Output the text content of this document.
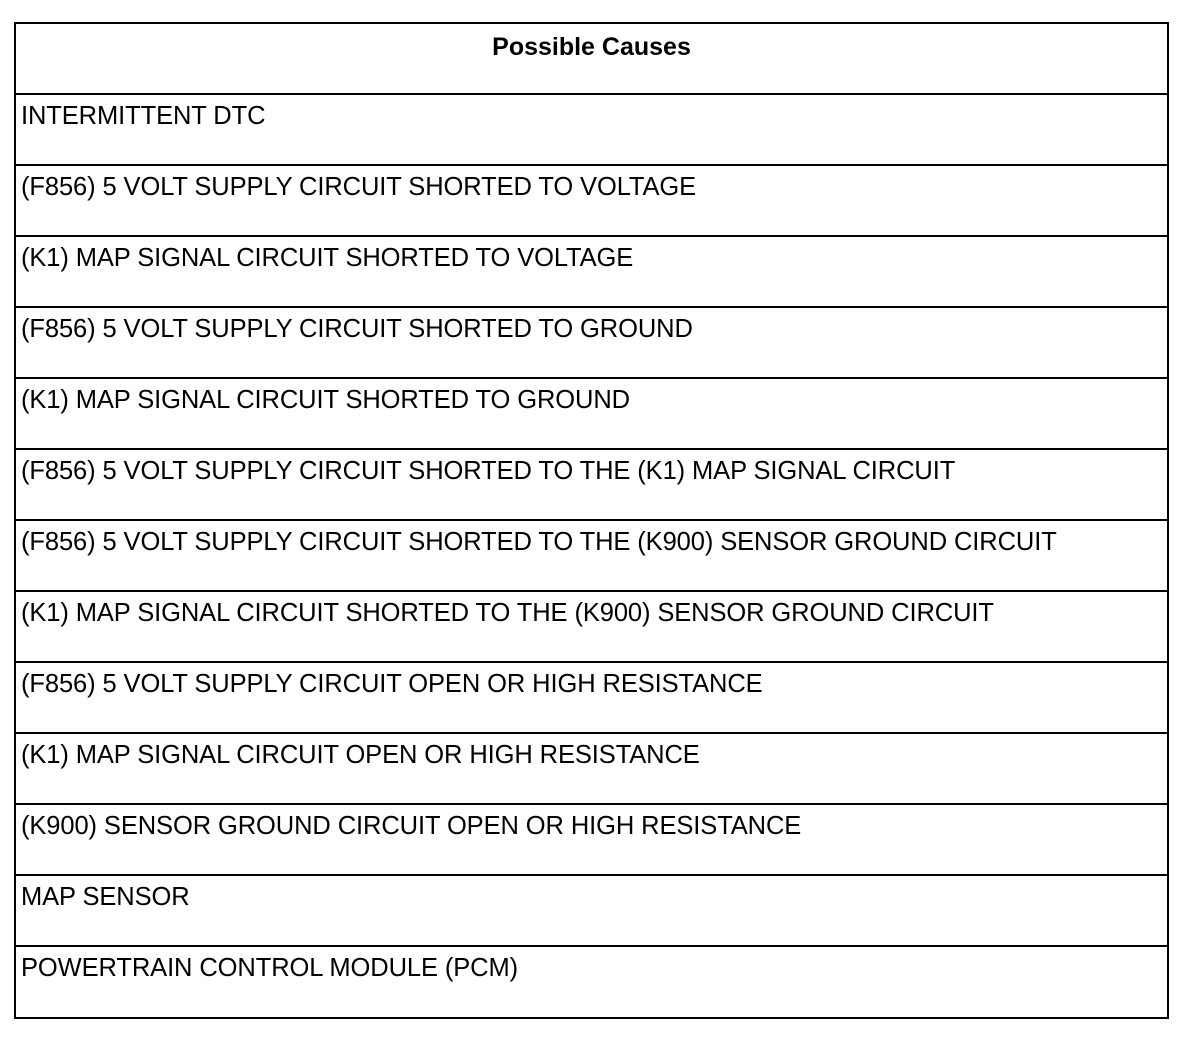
Possible Causes
INTERMITTENT DTC
(F856) 5 VOLT SUPPLY CIRCUIT SHORTED TO VOLTAGE
(K1) MAP SIGNAL CIRCUIT SHORTED TO VOLTAGE
(F856) 5 VOLT SUPPLY CIRCUIT SHORTED TO GROUND
(K1) MAP SIGNAL CIRCUIT SHORTED TO GROUND
(F856) 5 VOLT SUPPLY CIRCUIT SHORTED TO THE (K1) MAP SIGNAL CIRCUIT
(F856) 5 VOLT SUPPLY CIRCUIT SHORTED TO THE (K900) SENSOR GROUND CIRCUIT
(K1) MAP SIGNAL CIRCUIT SHORTED TO THE (K900) SENSOR GROUND CIRCUIT
(F856) 5 VOLT SUPPLY CIRCUIT OPEN OR HIGH RESISTANCE
(K1) MAP SIGNAL CIRCUIT OPEN OR HIGH RESISTANCE
(K900) SENSOR GROUND CIRCUIT OPEN OR HIGH RESISTANCE
MAP SENSOR
POWERTRAIN CONTROL MODULE (PCM)
